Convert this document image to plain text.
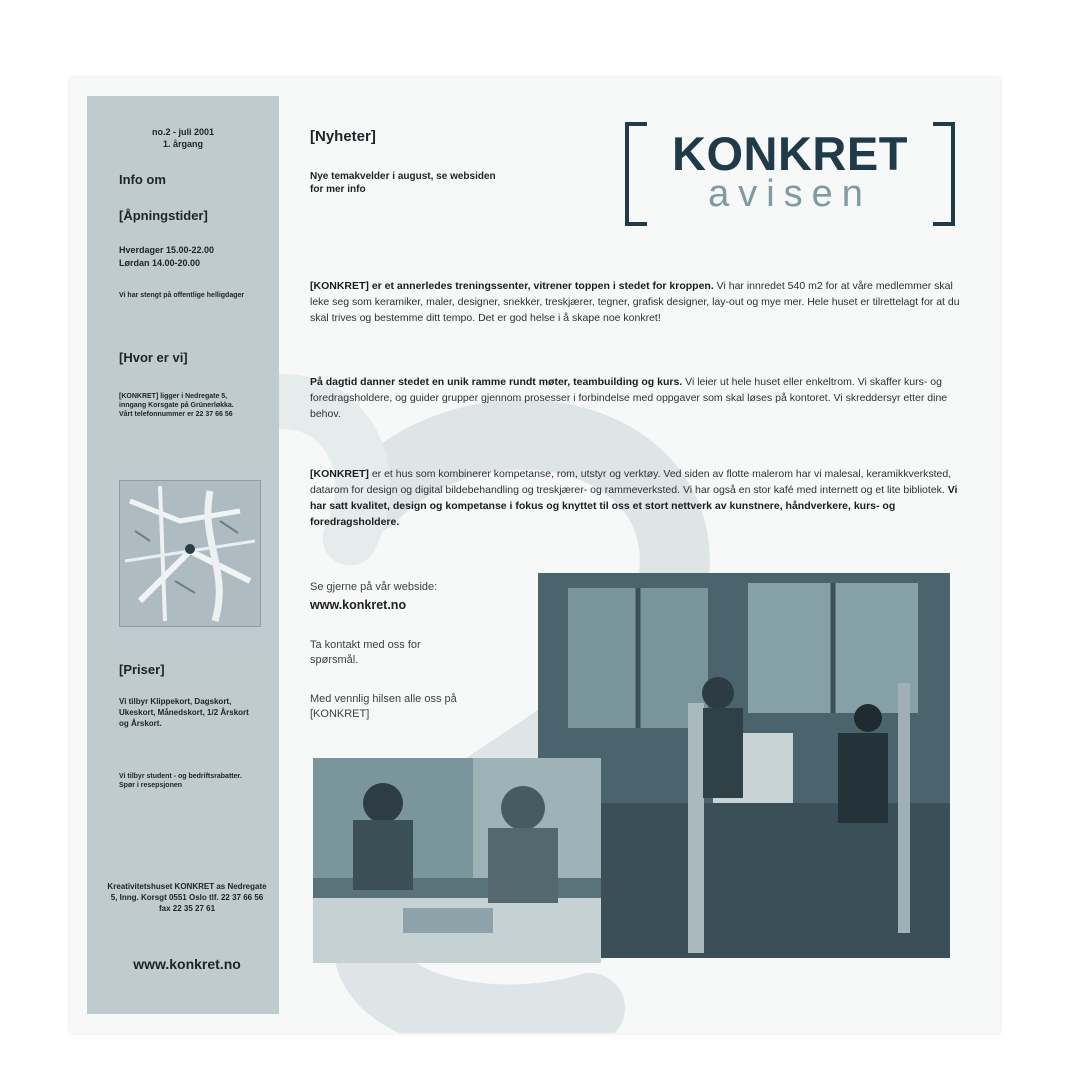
no.2 - juli 2001
1. årgang
Info om
[Åpningstider]
Hverdager 15.00-22.00
Lørdan 14.00-20.00
Vi har stengt på offentlige helligdager
[Hvor er vi]
[KONKRET] ligger i Nedregate 5, inngang Korsgate på Grünerløkka. Vårt telefonnummer er 22 37 66 56
[Priser]
Vi tilbyr Klippekort, Dagskort, Ukeskort, Månedskort, 1/2 Årskort og Årskort.
Vi tilbyr student - og bedriftsrabatter. Spør i resepsjonen
Kreativitetshuset KONKRET as Nedregate 5, Inng. Korsgt 0551 Oslo tlf. 22 37 66 56 fax 22 35 27 61
www.konkret.no
[Nyheter]
Nye temakvelder i august, se websiden for mer info
KONKRET
avisen
[KONKRET] er et annerledes treningssenter, vitrener toppen i stedet for kroppen. Vi har innredet 540 m2 for at våre medlemmer skal leke seg som keramiker, maler, designer, snekker, treskjærer, tegner, grafisk designer, lay-out og mye mer. Hele huset er tilrettelagt for at du skal trives og bestemme ditt tempo. Det er god helse i å skape noe konkret!
På dagtid danner stedet en unik ramme rundt møter, teambuilding og kurs. Vi leier ut hele huset eller enkeltrom. Vi skaffer kurs- og foredragsholdere, og guider grupper gjennom prosesser i forbindelse med oppgaver som skal løses på kontoret. Vi skreddersyr etter dine behov.
[KONKRET] er et hus som kombinerer kompetanse, rom, utstyr og verktøy. Ved siden av flotte malerom har vi malesal, keramikkverksted, datarom for design og digital bildebehandling og treskjærer- og rammeverksted. Vi har også en stor kafé med internett og et lite bibliotek. Vi har satt kvalitet, design og kompetanse i fokus og knyttet til oss et stort nettverk av kunstnere, håndverkere, kurs- og foredragsholdere.
Se gjerne på vår webside:
www.konkret.no
Ta kontakt med oss for spørsmål.
Med vennlig hilsen alle oss på [KONKRET]
